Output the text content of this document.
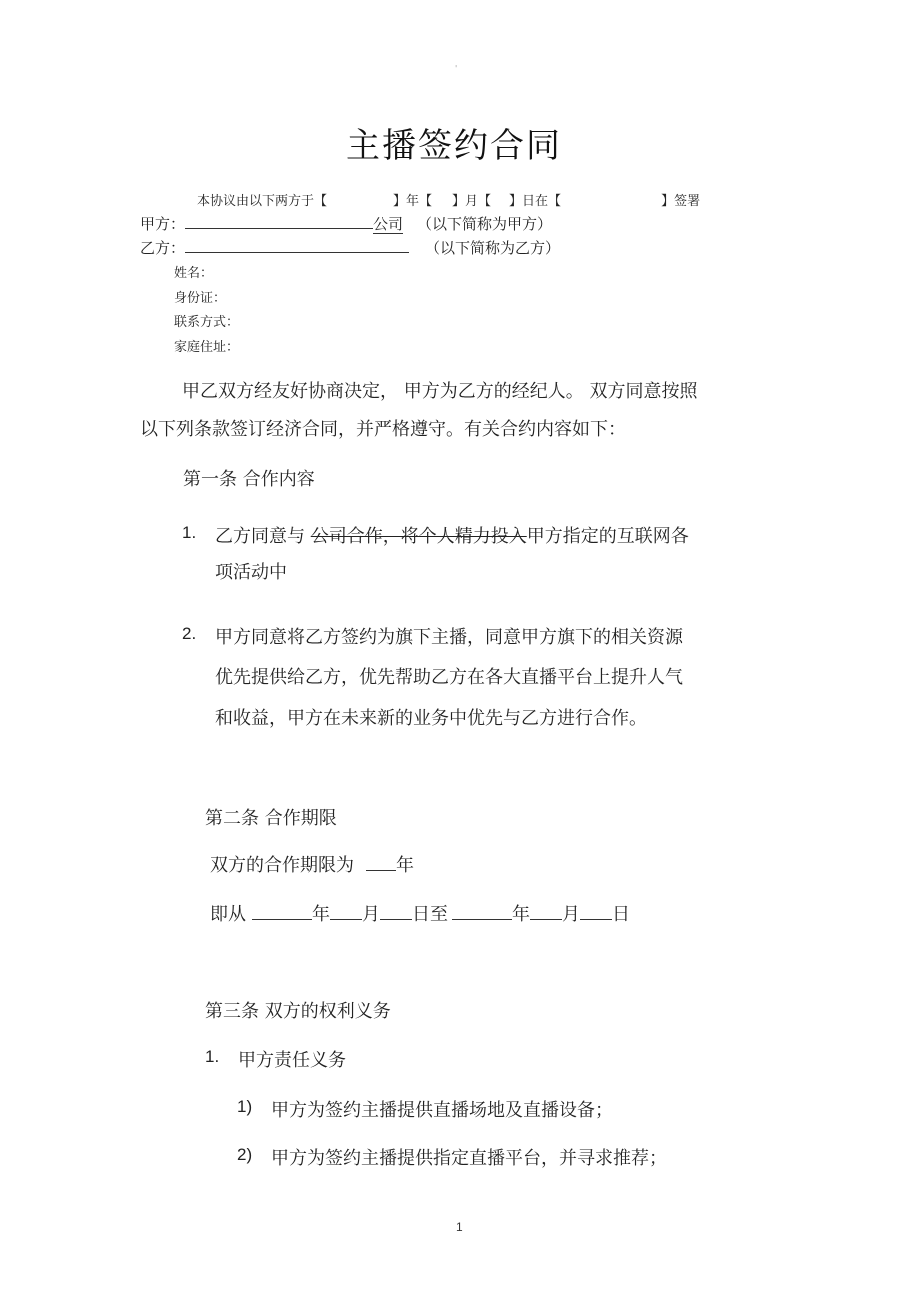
'
主播签约合同
本协议由以下两方于【	】年【 】月【 】日在【	】签署
甲方：	公司 （以下简称为甲方）
乙方：	（以下简称为乙方）
姓名：
身份证：
联系方式：
家庭住址：
甲乙双方经友好协商决定， 甲方为乙方的经纪人。 双方同意按照
以下列条款签订经济合同，并严格遵守。有关合约内容如下：
第一条 合作内容
1. 乙方同意与 公司合作，将个人精力投入甲方指定的互联网各
项活动中
2. 甲方同意将乙方签约为旗下主播，同意甲方旗下的相关资源
优先提供给乙方，优先帮助乙方在各大直播平台上提升人气
和收益，甲方在未来新的业务中优先与乙方进行合作。
第二条 合作期限
双方的合作期限为 年
即从	年 月 日至	年 月 日
第三条 双方的权利义务
1. 甲方责任义务
1) 甲方为签约主播提供直播场地及直播设备；
2) 甲方为签约主播提供指定直播平台，并寻求推荐；
1
